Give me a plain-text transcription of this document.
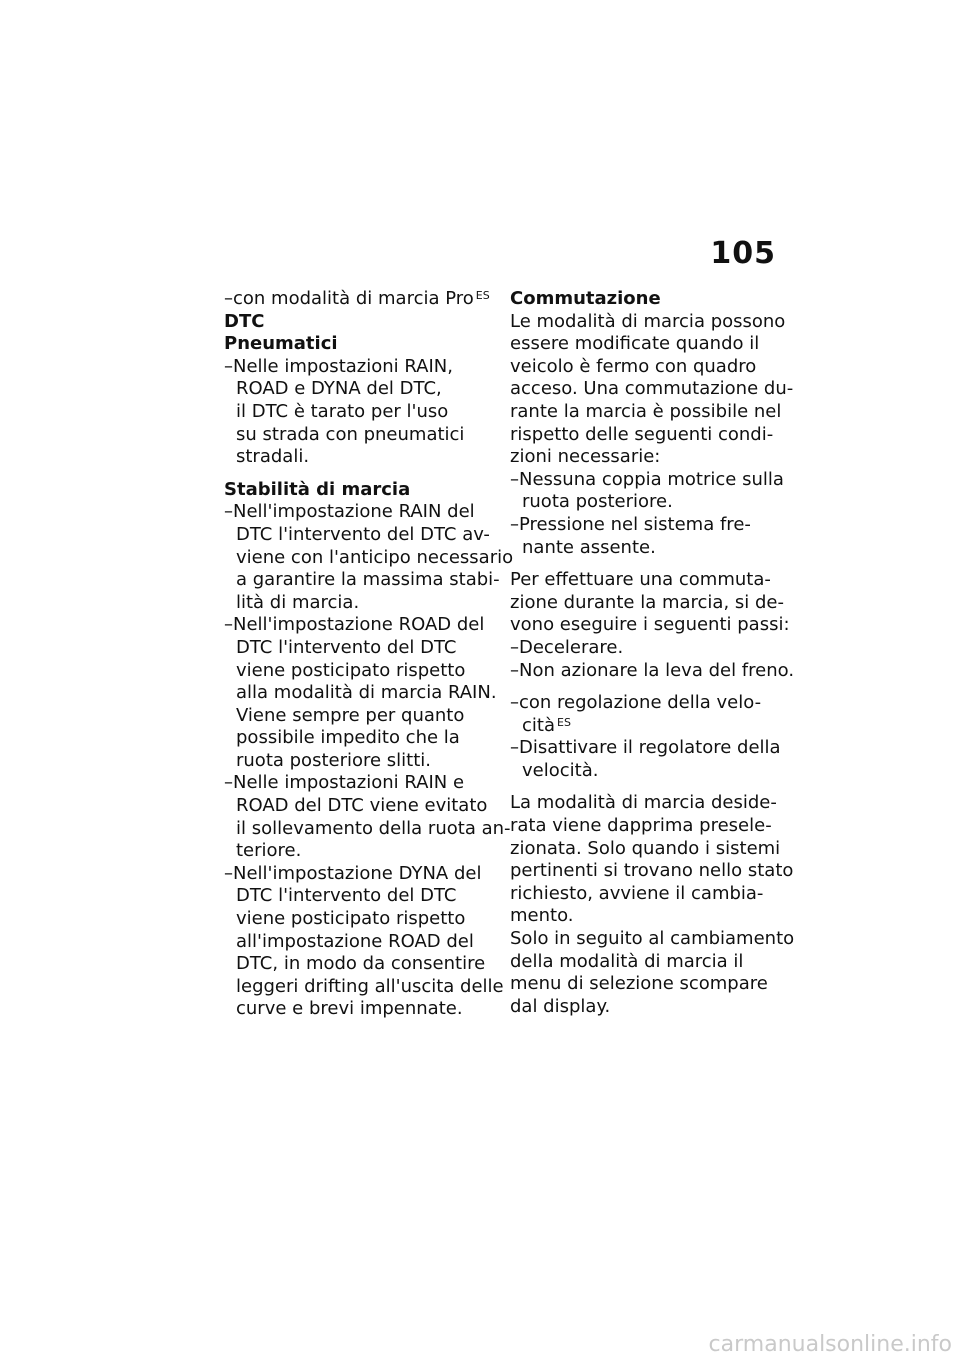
105
–con modalità di marcia Pro $^{ES}$
DTC
Pneumatici
–Nelle impostazioni RAIN,
ROAD e DYNA del DTC,
il DTC è tarato per l'uso
su strada con pneumatici
stradali.
Stabilità di marcia
–Nell'impostazione RAIN del
DTC l'intervento del DTC av-
viene con l'anticipo necessario
a garantire la massima stabi-
lità di marcia.
–Nell'impostazione ROAD del
DTC l'intervento del DTC
viene posticipato rispetto
alla modalità di marcia RAIN.
Viene sempre per quanto
possibile impedito che la
ruota posteriore slitti.
–Nelle impostazioni RAIN e
ROAD del DTC viene evitato
il sollevamento della ruota an-
teriore.
–Nell'impostazione DYNA del
DTC l'intervento del DTC
viene posticipato rispetto
all'impostazione ROAD del
DTC, in modo da consentire
leggeri drifting all'uscita delle
curve e brevi impennate.
Commutazione
Le modalità di marcia possono
essere modificate quando il
veicolo è fermo con quadro
acceso. Una commutazione du-
rante la marcia è possibile nel
rispetto delle seguenti condi-
zioni necessarie:
–Nessuna coppia motrice sulla
ruota posteriore.
–Pressione nel sistema fre-
nante assente.
Per effettuare una commuta-
zione durante la marcia, si de-
vono eseguire i seguenti passi:
–Decelerare.
–Non azionare la leva del freno.
–con regolazione della velo-
cità $^{ES}$
–Disattivare il regolatore della
velocità.
La modalità di marcia deside-
rata viene dapprima presele-
zionata. Solo quando i sistemi
pertinenti si trovano nello stato
richiesto, avviene il cambia-
mento.
Solo in seguito al cambiamento
della modalità di marcia il
menu di selezione scompare
dal display.
carmanualsonline.info
